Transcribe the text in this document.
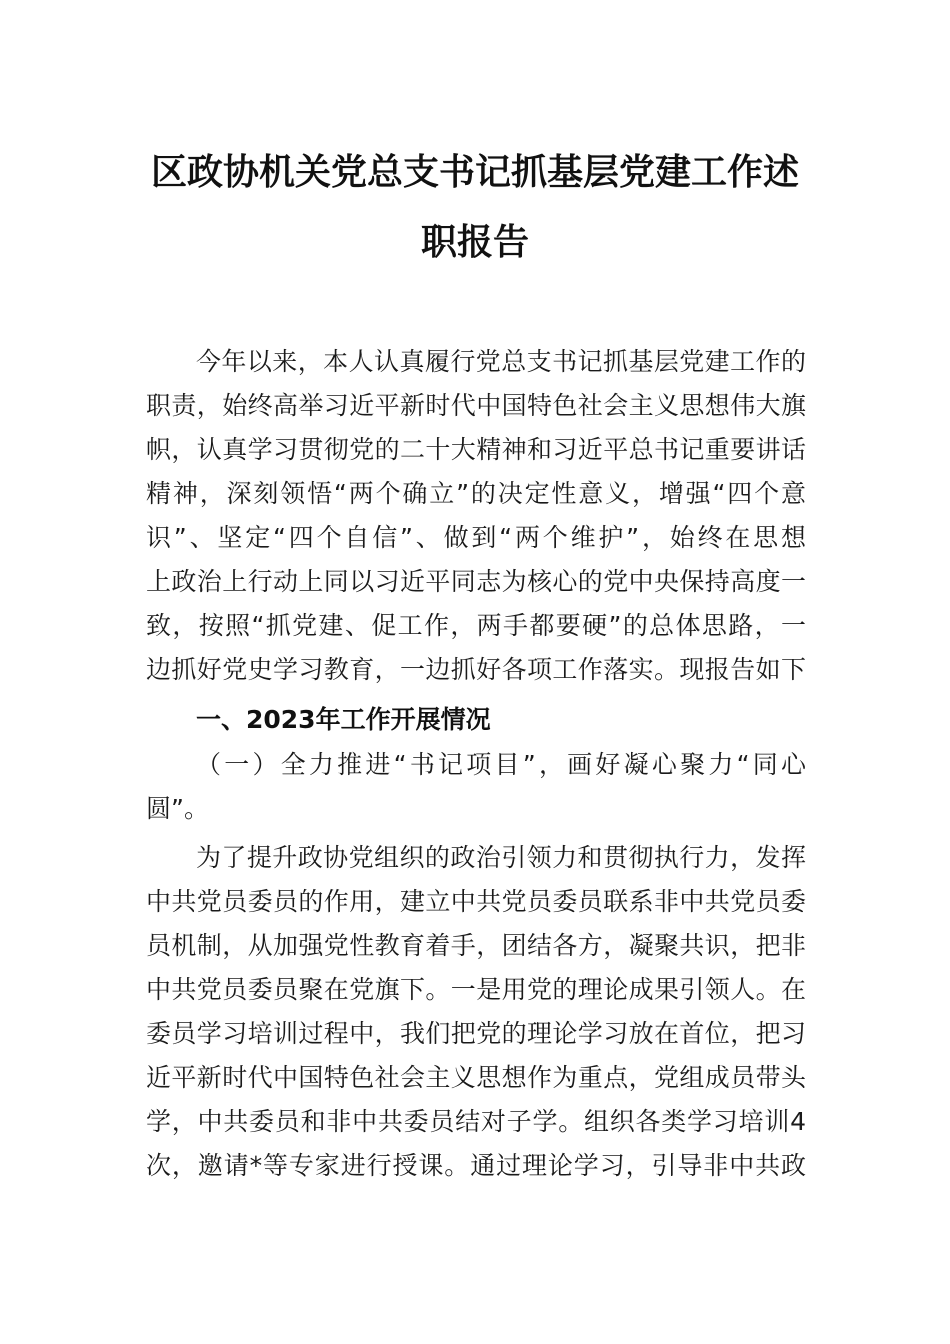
区政协机关党总支书记抓基层党建工作述
职报告
今年以来，本人认真履行党总支书记抓基层党建工作的
职责，始终高举习近平新时代中国特色社会主义思想伟大旗
帜，认真学习贯彻党的二十大精神和习近平总书记重要讲话
精神，深刻领悟“两个确立”的决定性意义，增强“四个意
识”、坚定“四个自信”、做到“两个维护”，始终在思想
上政治上行动上同以习近平同志为核心的党中央保持高度一
致，按照“抓党建、促工作，两手都要硬”的总体思路，一
边抓好党史学习教育，一边抓好各项工作落实。现报告如下
一、2023年工作开展情况
（一）全力推进“书记项目”，画好凝心聚力“同心
圆”。
为了提升政协党组织的政治引领力和贯彻执行力，发挥
中共党员委员的作用，建立中共党员委员联系非中共党员委
员机制，从加强党性教育着手，团结各方，凝聚共识，把非
中共党员委员聚在党旗下。一是用党的理论成果引领人。在
委员学习培训过程中，我们把党的理论学习放在首位，把习
近平新时代中国特色社会主义思想作为重点，党组成员带头
学，中共委员和非中共委员结对子学。组织各类学习培训4
次，邀请*等专家进行授课。通过理论学习，引导非中共政
